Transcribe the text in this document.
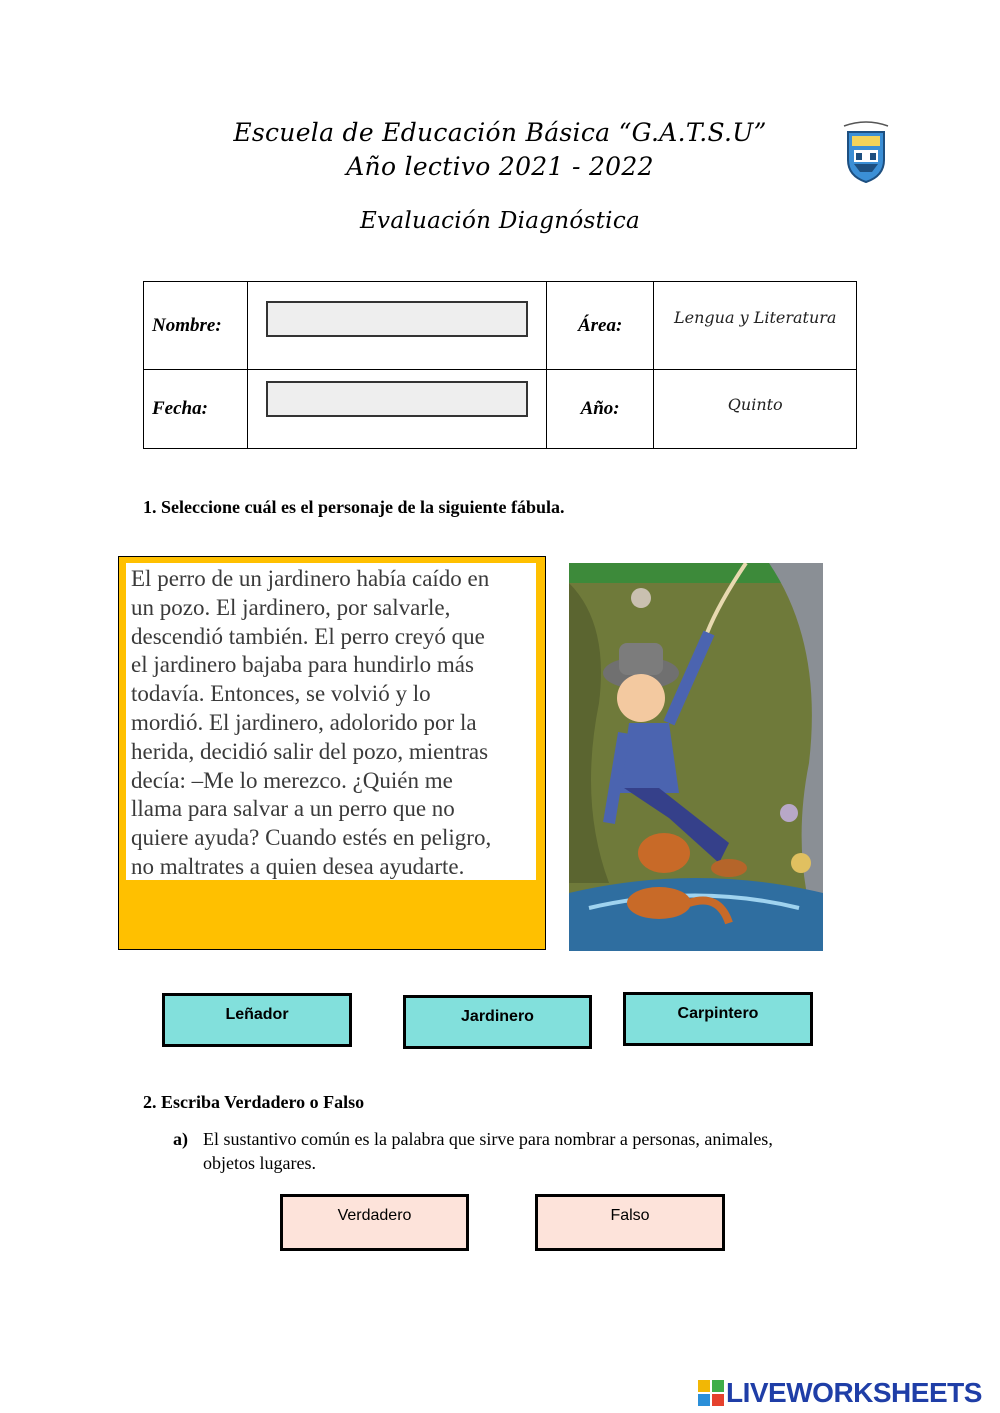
Escuela de Educación Básica “G.A.T.S.U”
Año lectivo 2021 - 2022
Evaluación Diagnóstica
Nombre:		Área:	Lengua y Literatura
Fecha:		Año:	Quinto
1. Seleccione cuál es el personaje de la siguiente fábula.
El perro de un jardinero había caído en
un pozo. El jardinero, por salvarle,
descendió también. El perro creyó que
el jardinero bajaba para hundirlo más
todavía. Entonces, se volvió y lo
mordió. El jardinero, adolorido por la
herida, decidió salir del pozo, mientras
decía: –Me lo merezco. ¿Quién me
llama para salvar a un perro que no
quiere ayuda? Cuando estés en peligro,
no maltrates a quien desea ayudarte.
Leñador	Jardinero	Carpintero
2. Escriba Verdadero o Falso
a) El sustantivo común es la palabra que sirve para nombrar a personas, animales,
objetos lugares.
Verdadero	Falso
LIVEWORKSHEETS
